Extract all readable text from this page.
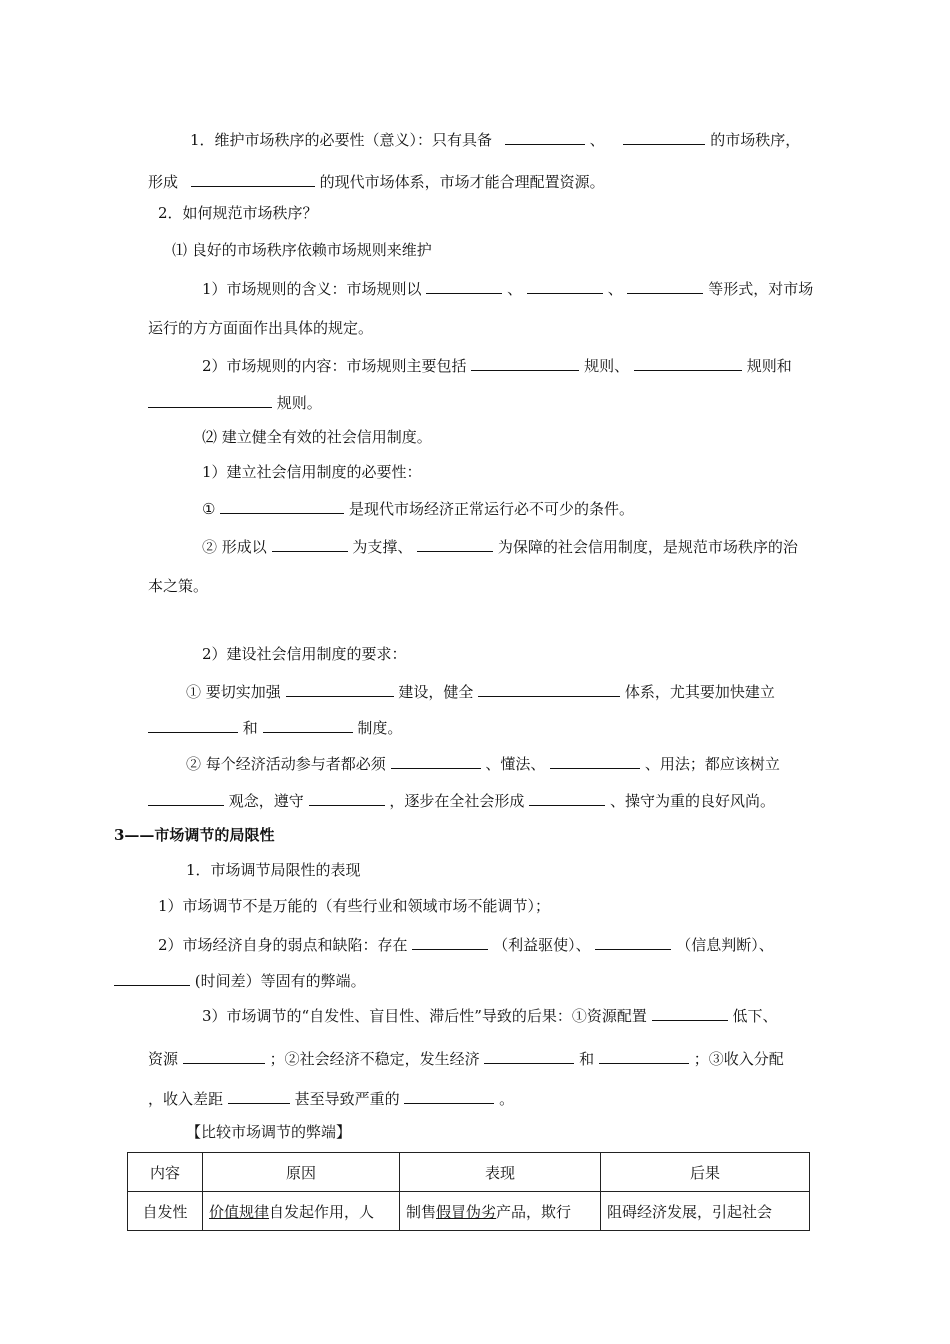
1．维护市场秩序的必要性（意义）：只有具备	、	的市场秩序，
形成	的现代市场体系，市场才能合理配置资源。
2．如何规范市场秩序？
⑴ 良好的市场秩序依赖市场规则来维护
1）市场规则的含义：市场规则以	、	、	等形式，对市场
运行的方方面面作出具体的规定。
2）市场规则的内容：市场规则主要包括	规则、	规则和
规则。
⑵ 建立健全有效的社会信用制度。
1）建立社会信用制度的必要性：
①	是现代市场经济正常运行必不可少的条件。
② 形成以	为支撑、	为保障的社会信用制度，是规范市场秩序的治
本之策。
2）建设社会信用制度的要求：
① 要切实加强	建设，健全	体系，尤其要加快建立
和	制度。
② 每个经济活动参与者都必须	、懂法、	、用法；都应该树立
观念，遵守	，逐步在全社会形成	、操守为重的良好风尚。
3——市场调节的局限性
1．市场调节局限性的表现
1）市场调节不是万能的（有些行业和领域市场不能调节）；
2）市场经济自身的弱点和缺陷：存在	（利益驱使）、	（信息判断）、
(时间差）等固有的弊端。
3）市场调节的“自发性、盲目性、滞后性”导致的后果：①资源配置	低下、
资源	；②社会经济不稳定，发生经济	和	；③收入分配
，收入差距	甚至导致严重的	。
【比较市场调节的弊端】
内容	原因	表现	后果
自发性	价值规律自发起作用，人	制售假冒伪劣产品，欺行	阻碍经济发展，引起社会
